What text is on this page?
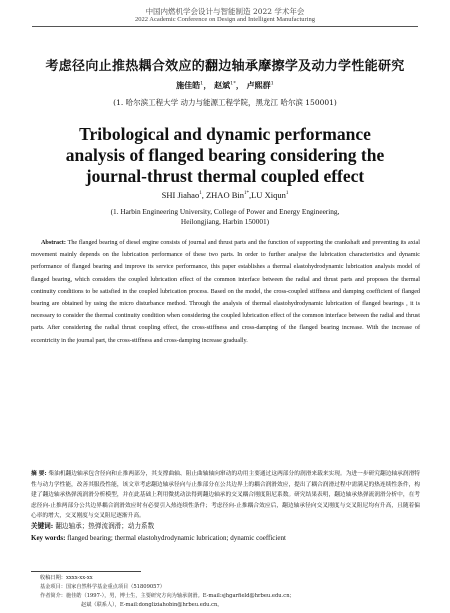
中国内燃机学会设计与智能制造 2022 学术年会
2022 Academic Conference on Design and Intelligent Manufacturing
考虑径向止推热耦合效应的翻边轴承摩擦学及动力学性能研究
施佳皓$^1$， 赵斌$^{1*}$， 卢熙群$^1$
(1. 哈尔滨工程大学 动力与能源工程学院，黑龙江 哈尔滨 150001)
Tribological and dynamic performance analysis of flanged bearing considering the journal-thrust thermal coupled effect
SHI Jiahao$^1$, ZHAO Bin$^{1*}$,LU Xiqun$^1$
(1. Harbin Engineering University, College of Power and Energy Engineering, Heilongjiang, Harbin 150001)
Abstract: The flanged bearing of diesel engine consists of journal and thrust parts and the function of supporting the crankshaft and preventing its axial movement mainly depends on the lubrication performance of these two parts. In order to further analyse the lubrication characteristics and dynamic performance of flanged bearing and improve its service performance, this paper establishes a thermal elastohydrodynamic lubrication analysis model of flanged bearing, which considers the coupled lubrication effect of the common interface between the radial and thrust parts and proposes the thermal continuity conditions to be satisfied in the coupled lubrication process. Based on the model, the cross-coupled stiffness and damping coefficient of flanged bearing are obtained by using the micro disturbance method. Through the analysis of thermal elastohydrodynamic lubrication of flanged bearings , it is necessary to consider the thermal continuity condition when considering the coupled lubrication effect of the common interface between the radial and thrust parts. After considering the radial thrust coupling effect, the cross-stiffness and cross-damping of the flanged bearing increase. With the increase of eccentricity in the journal part, the cross-stiffness and cross-damping increase gradually.
摘 要: 柴油机翻边轴承包含径向和止推两部分，其支撑曲轴、阻止曲轴轴向窜动的功用主要通过这两部分的润滑来载来实现。为进一步研究翻边轴承润滑特性与动力学性能，改善其服役性能，该文章考虑翻边轴承径向与止推部分在公共边界上的耦合润滑效应，提出了耦合润滑过程中需满足的热连续性条件，构建了翻边轴承热弹流润滑分析模型，并在此基础上利用微扰动法得到翻边轴承的交叉耦合刚度阻尼系数。研究结果表明，翻边轴承热弹流润滑分析中，在考虑径向-止推两部分公共边界耦合润滑效应时有必要引入热连续性条件；考虑径向-止推耦合效应后，翻边轴承径向交叉刚度与交叉阻尼均有升高，且随着偏心率的增大，交叉刚度与交叉阻尼逐渐升高。
关键词: 翻边轴承；热弹流润滑；动力系数
Key words: flanged bearing; thermal elastohydrodynamic lubrication; dynamic coefficient
收稿日期：xxxx-xx-xx
基金项目：国家自然科学基金重点项目（51809057）
作者简介：施佳皓（1997-），男，博士生，主要研究方向为轴承润滑。E-mail:sjhgarfield@hrbeu.edu.cn；
赵斌（联系人），E-mail:dongliziahobin@hrbeu.edu.cn。
